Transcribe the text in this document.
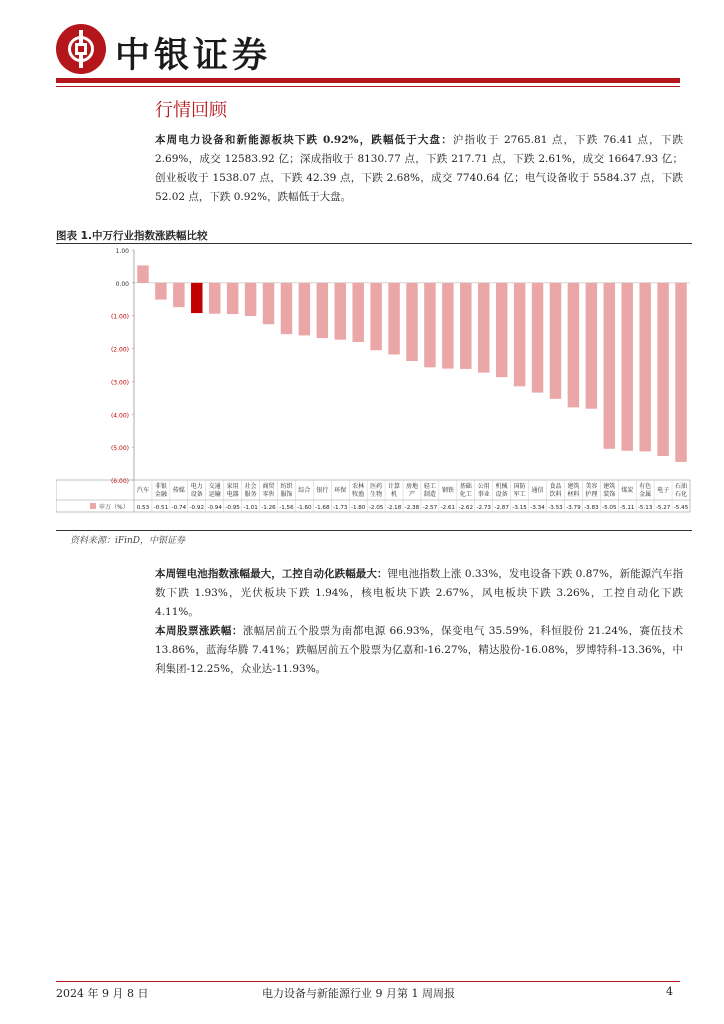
中银证券
行情回顾
本周电力设备和新能源板块下跌 0.92%，跌幅低于大盘：沪指收于 2765.81 点，下跌 76.41 点，下跌 2.69%，成交 12583.92 亿；深成指收于 8130.77 点，下跌 217.71 点，下跌 2.61%，成交 16647.93 亿；创业板收于 1538.07 点，下跌 42.39 点，下跌 2.68%，成交 7740.64 亿；电气设备收于 5584.37 点，下跌 52.02 点，下跌 0.92%，跌幅低于大盘。
图表 1.中万行业指数涨跌幅比较
1.00
0.00
(1.00)
(2.00)
(3.00)
(4.00)
(5.00)
(6.00)
申万（%）
汽车
0.53
非银
金融
-0.51
传媒
-0.74
电力
设备
-0.92
交通
运输
-0.94
家用
电器
-0.95
社会
服务
-1.01
商贸
零售
-1.26
纺织
服饰
-1.56
综合
-1.60
银行
-1.68
环保
-1.73
农林
牧渔
-1.80
医药
生物
-2.05
计算
机
-2.18
房地
产
-2.38
轻工
制造
-2.57
钢铁
-2.61
基础
化工
-2.62
公用
事业
-2.73
机械
设备
-2.87
国防
军工
-3.15
通信
-3.34
食品
饮料
-3.53
建筑
材料
-3.79
美容
护理
-3.83
建筑
装饰
-5.05
煤炭
-5.11
有色
金属
-5.13
电子
-5.27
石油
石化
-5.45
资料来源：iFinD，中银证券
本周锂电池指数涨幅最大，工控自动化跌幅最大：锂电池指数上涨 0.33%，发电设备下跌 0.87%，新能源汽车指数下跌 1.93%，光伏板块下跌 1.94%，核电板块下跌 2.67%，风电板块下跌 3.26%，工控自动化下跌 4.11%。
本周股票涨跌幅：涨幅居前五个股票为南都电源 66.93%，保变电气 35.59%，科恒股份 21.24%，赛伍技术 13.86%，蓝海华腾 7.41%；跌幅居前五个股票为亿嘉和-16.27%，精达股份-16.08%，罗博特科-13.36%，中利集团-12.25%，众业达-11.93%。
2024 年 9 月 8 日	电力设备与新能源行业 9 月第 1 周周报	4
